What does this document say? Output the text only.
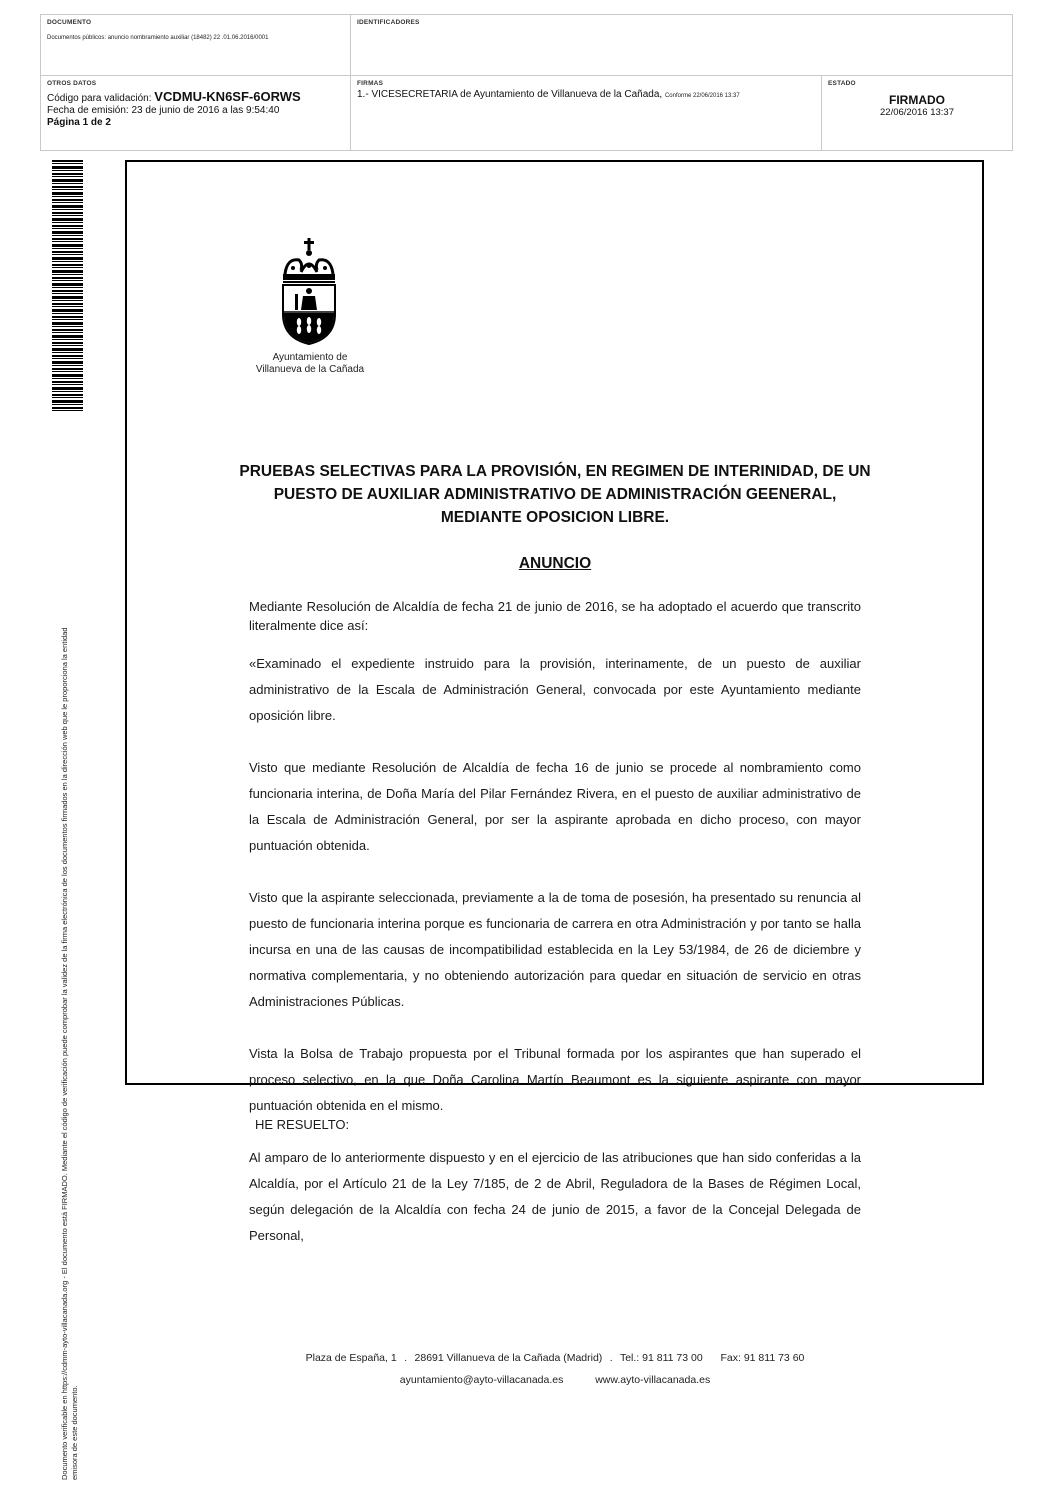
DOCUMENTO
Documentos públicos: anuncio nombramiento auxiliar (18482) 22 .01.06.2016/0001
IDENTIFICADORES
OTROS DATOS
Código para validación: VCDMU-KN6SF-6ORWS
Fecha de emisión: 23 de junio de 2016 a las 9:54:40
Página 1 de 2
FIRMAS
1.- VICESECRETARIA de Ayuntamiento de Villanueva de la Cañada, Conforme 22/06/2016 13:37
ESTADO
FIRMADO
22/06/2016 13:37
Documento verificable en https://cdmm-ayto-villacanada.org - El documento está FIRMADO. Mediante el código de verificación puede comprobar la validez de la firma electrónica de los documentos firmados en la dirección web que le proporciona la entidad emisora de este documento.
Ayuntamiento de
Villanueva de la Cañada
PRUEBAS SELECTIVAS PARA LA PROVISIÓN, EN REGIMEN DE INTERINIDAD, DE UN PUESTO DE AUXILIAR ADMINISTRATIVO DE ADMINISTRACIÓN GEENERAL, MEDIANTE OPOSICION LIBRE.
ANUNCIO

Mediante Resolución de Alcaldía de fecha 21 de junio de 2016, se ha adoptado el acuerdo que transcrito literalmente dice así:

«Examinado el expediente instruido para la provisión, interinamente, de un puesto de auxiliar administrativo de la Escala de Administración General, convocada por este Ayuntamiento mediante oposición libre.

Visto que mediante Resolución de Alcaldía de fecha 16 de junio se procede al nombramiento como funcionaria interina, de Doña María del Pilar Fernández Rivera, en el puesto de auxiliar administrativo de la Escala de Administración General, por ser la aspirante aprobada en dicho proceso, con mayor puntuación obtenida.

Visto que la aspirante seleccionada, previamente a la de toma de posesión, ha presentado su renuncia al puesto de funcionaria interina porque es funcionaria de carrera en otra Administración y por tanto se halla incursa en una de las causas de incompatibilidad establecida en la Ley 53/1984, de 26 de diciembre y normativa complementaria, y no obteniendo autorización para quedar en situación de servicio en otras Administraciones Públicas.

Vista la Bolsa de Trabajo propuesta por el Tribunal formada por los aspirantes que han superado el proceso selectivo, en la que Doña Carolina Martín Beaumont es la siguiente aspirante con mayor puntuación obtenida en el mismo.

Al amparo de lo anteriormente dispuesto y en el ejercicio de las atribuciones que han sido conferidas a la Alcaldía, por el Artículo 21 de la Ley 7/185, de 2 de Abril, Reguladora de la Bases de Régimen Local, según delegación de la Alcaldía con fecha 24 de junio de 2015, a favor de la Concejal Delegada de Personal,

HE RESUELTO:
Plaza de España, 1 . 28691 Villanueva de la Cañada (Madrid) . Tel.: 91 811 73 00 Fax: 91 811 73 60
ayuntamiento@ayto-villacanada.es	www.ayto-villacanada.es
